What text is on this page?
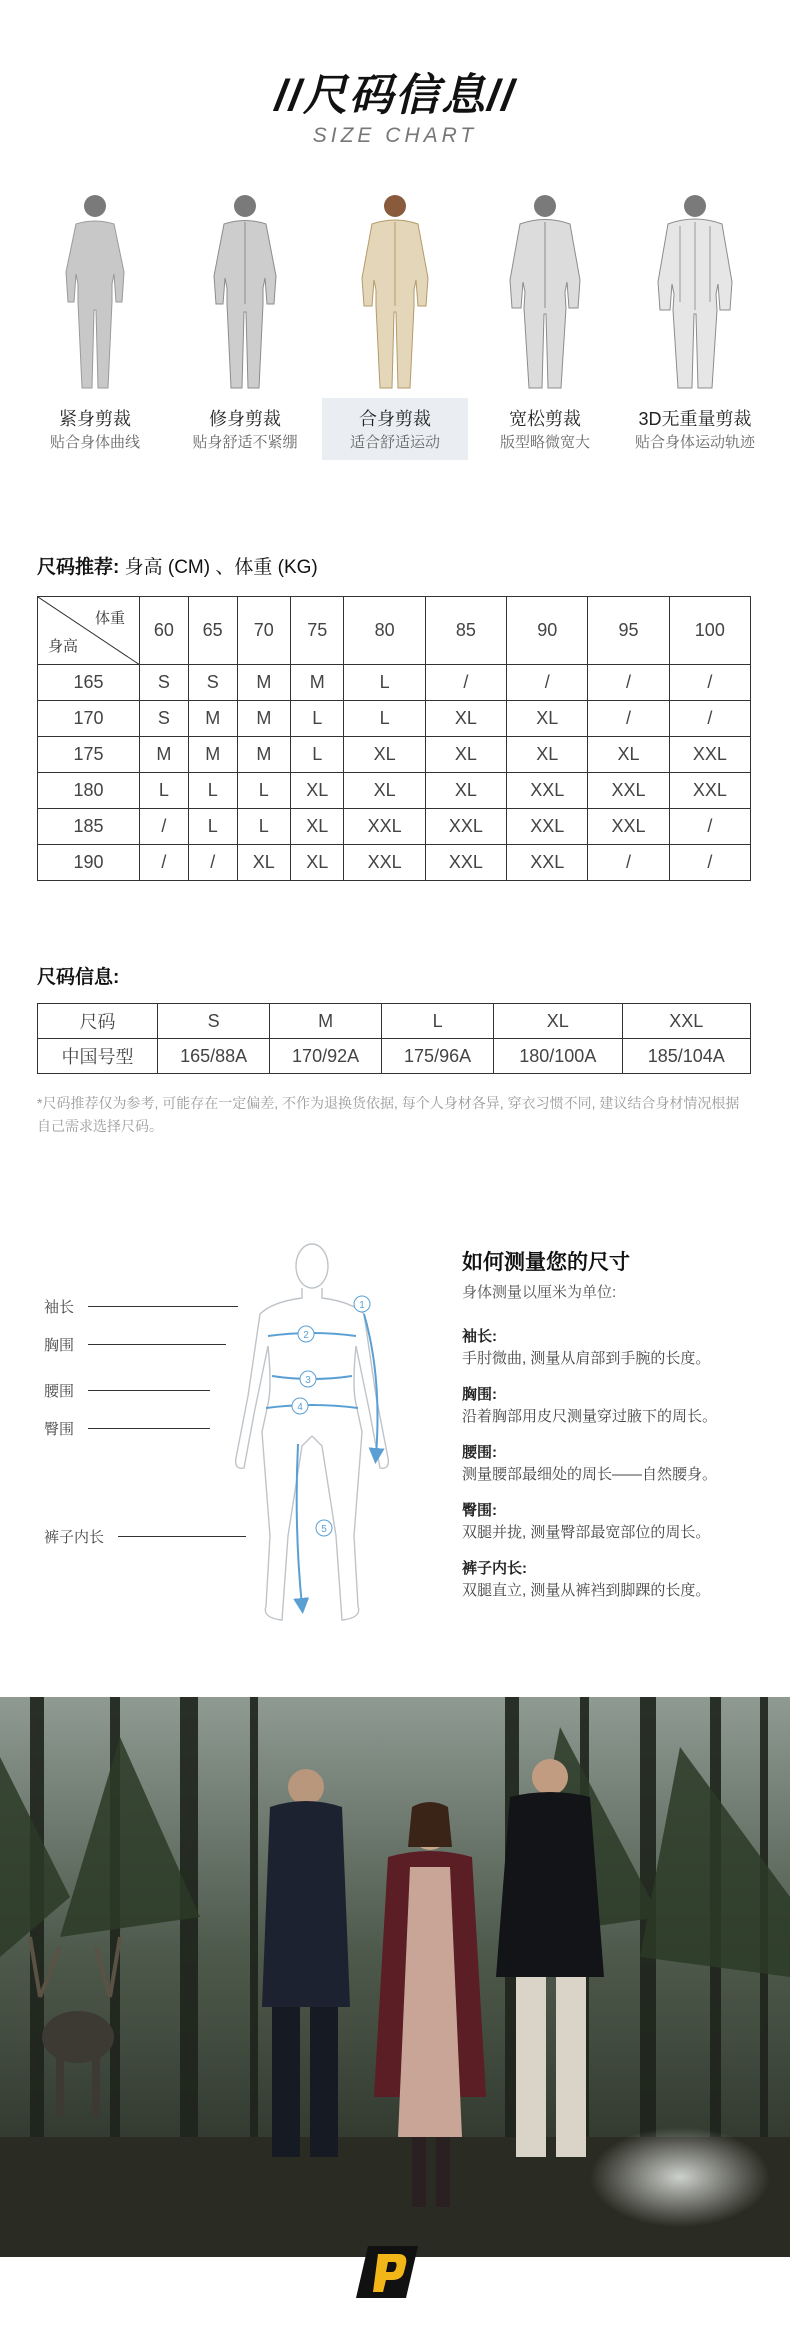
//尺码信息//
SIZE CHART
紧身剪裁
贴合身体曲线
修身剪裁
贴身舒适不紧绷
合身剪裁
适合舒适运动
宽松剪裁
版型略微宽大
3D无重量剪裁
贴合身体运动轨迹
尺码推荐: 身高 (CM) 、体重 (KG)
体重
身高	60	65	70	75	80	85	90	95	100
165	S	S	M	M	L	/	/	/	/
170	S	M	M	L	L	XL	XL	/	/
175	M	M	M	L	XL	XL	XL	XL	XXL
180	L	L	L	XL	XL	XL	XXL	XXL	XXL
185	/	L	L	XL	XXL	XXL	XXL	XXL	/
190	/	/	XL	XL	XXL	XXL	XXL	/	/
尺码信息:
尺码	S	M	L	XL	XXL
中国号型	165/88A	170/92A	175/96A	180/100A	185/104A
*尺码推荐仅为参考, 可能存在一定偏差, 不作为退换货依据, 每个人身材各异, 穿衣习惯不同, 建议结合身材情况根据自己需求选择尺码。
袖长
胸围
腰围
臀围
裤子内长
1
2
3
4
5
如何测量您的尺寸
身体测量以厘米为单位:
袖长:
手肘微曲, 测量从肩部到手腕的长度。
胸围:
沿着胸部用皮尺测量穿过腋下的周长。
腰围:
测量腰部最细处的周长——自然腰身。
臀围:
双腿并拢, 测量臀部最宽部位的周长。
裤子内长:
双腿直立, 测量从裤裆到脚踝的长度。
